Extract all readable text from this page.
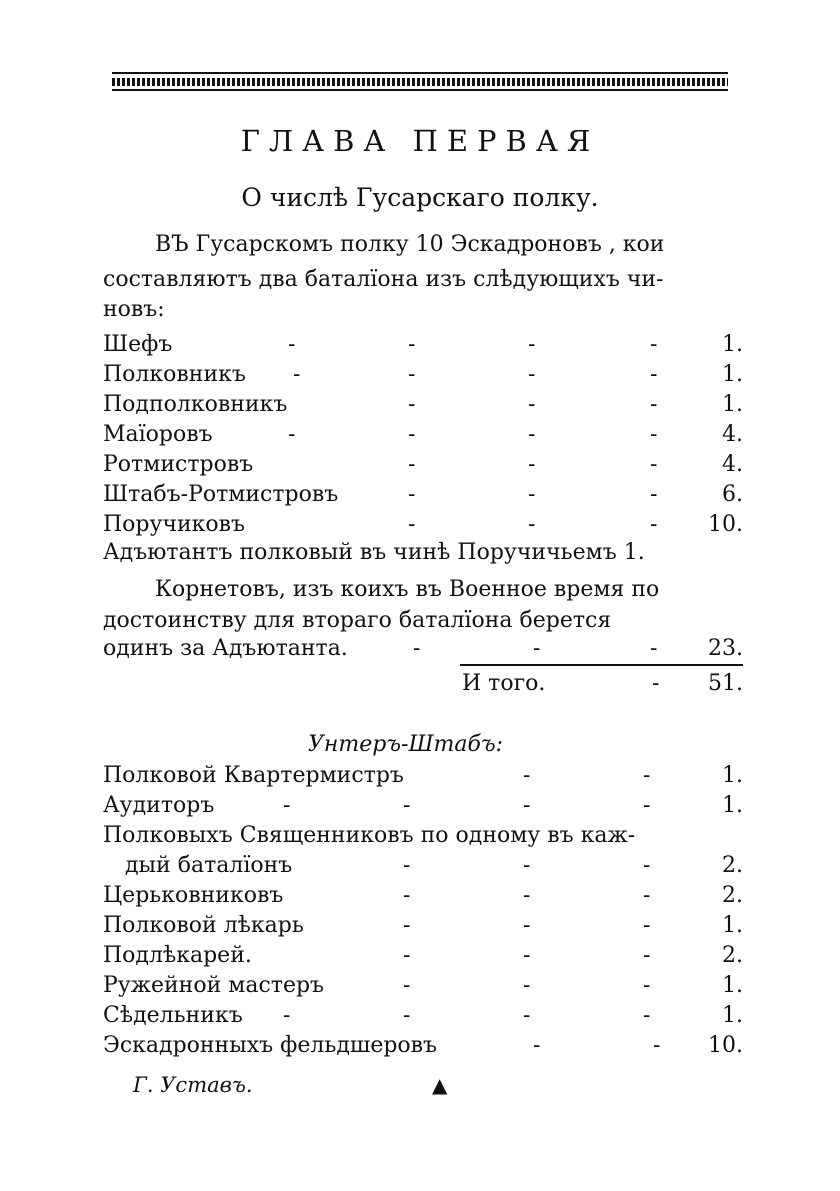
ГЛАВА ПЕРВАЯ
О числѣ Гусарскаго полку.
ВЪ Гусарскомъ полку 10 Эскадроновъ , кои
составляютъ два баталїона изъ слѣдующихъ чи-
новъ:
Шефъ	-	-	-	-	1.
Полковникъ -	-	-	-	1.
Подполковникъ	-	-	-	1.
Маїоровъ	-	-	-	-	4.
Ротмистровъ	-	-	-	4.
Штабъ-Ротмистровъ	-	-	-	6.
Поручиковъ	-	-	- 10.
Адъютантъ полковый въ чинѣ Поручичьемъ 1.
Корнетовъ, изъ коихъ въ Военное время по
достоинству для втораго баталїона берется
одинъ за Адъютанта.	-	-	- 23.
И того.	- 51.
Унтеръ-Штабъ:
Полковой Квартермистръ	-	-	1.
Аудиторъ	-	-	-	-	1.
Полковыхъ Священниковъ по одному въ каж-
дый баталїонъ	-	-	-	2.
Церьковниковъ	-	-	-	2.
Полковой лѣкарь	-	-	-	1.
Подлѣкарей.	-	-	-	2.
Ружейной мастеръ	-	-	-	1.
Сѣдельникъ -	-	-	-	1.
Эскадронныхъ фельдшеровъ	-	- 10.
Г. Уставъ.	▲
